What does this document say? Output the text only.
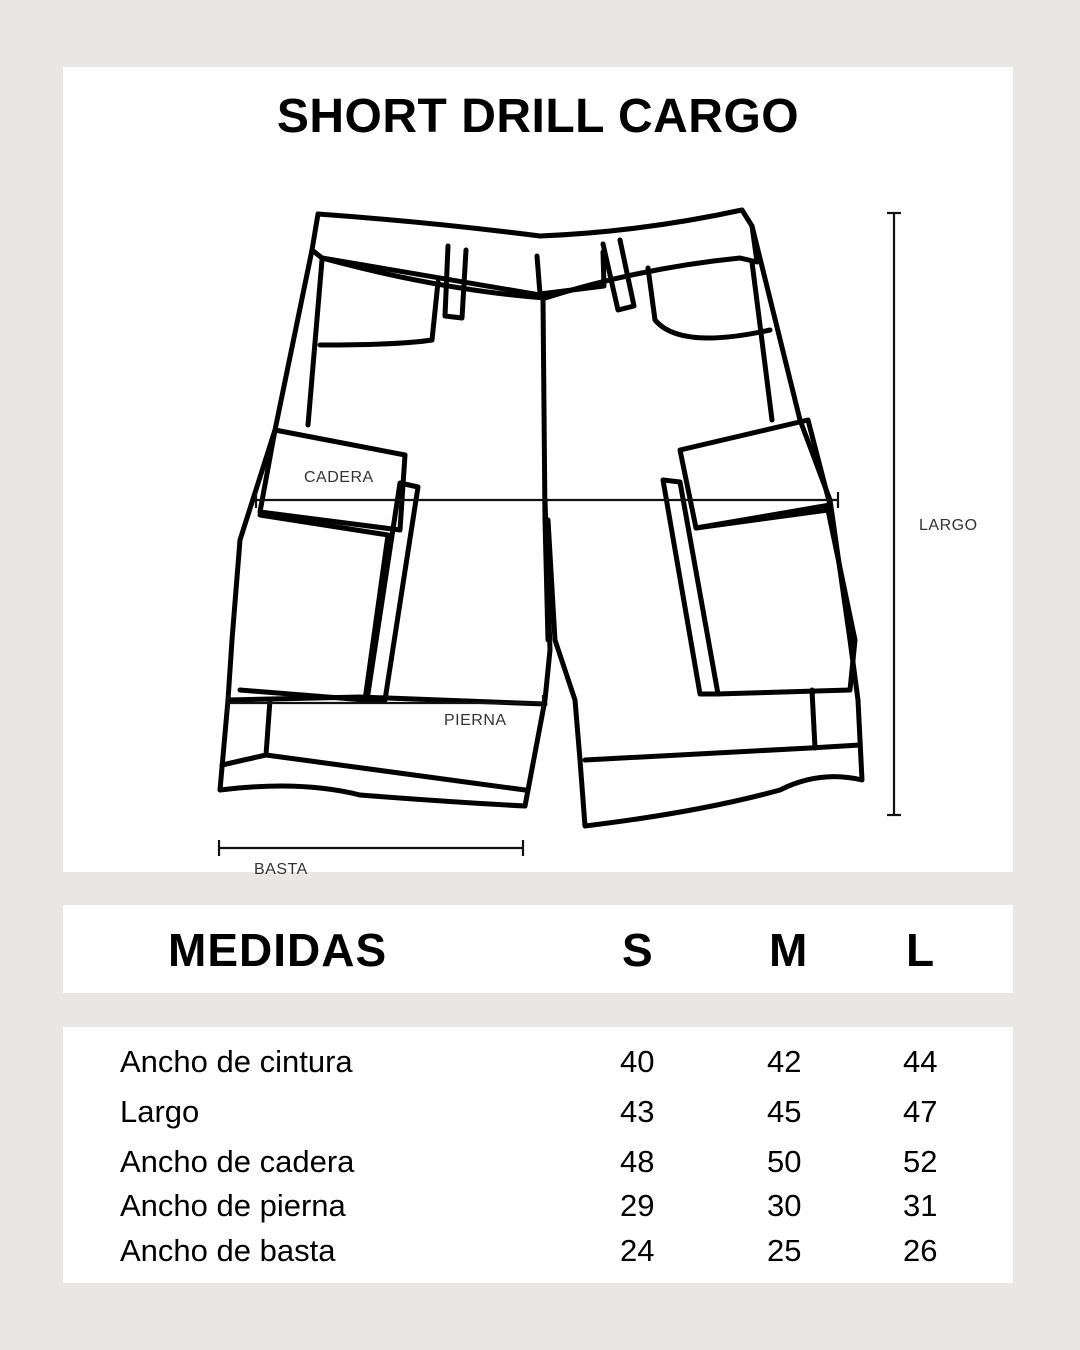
SHORT DRILL CARGO
CADERA
LARGO
PIERNA
BASTA
MEDIDAS	S	M L
Ancho de cintura	40	42	44
Largo	43	45	47
Ancho de cadera	48	50	52
Ancho de pierna	29	30	31
Ancho de basta	24	25	26
